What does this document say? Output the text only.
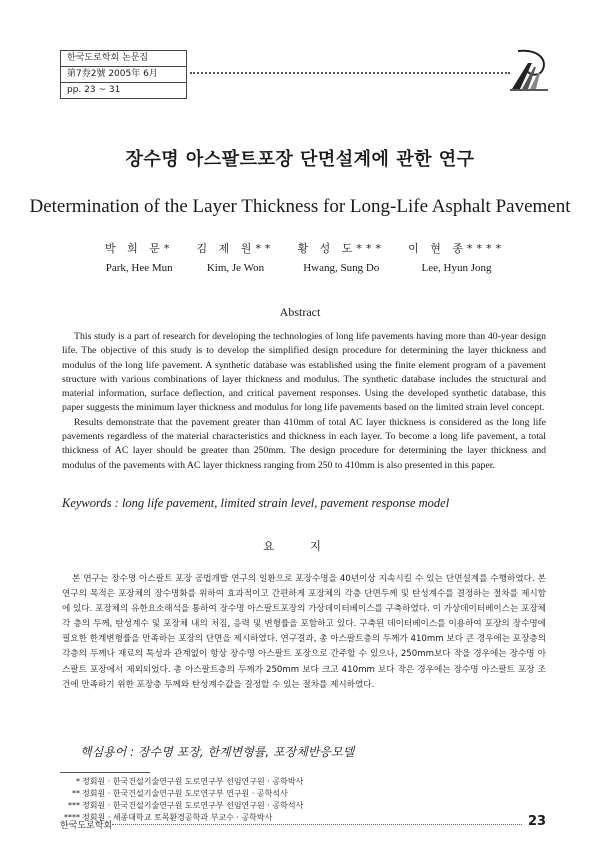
한국도로학회 논문집
第7券2號 2005年 6月
pp. 23 ~ 31
장수명 아스팔트포장 단면설계에 관한 연구
Determination of the Layer Thickness for Long-Life Asphalt Pavement
박 희 문*
Park, Hee Mun
김 제 원**
Kim, Je Won
황 성 도***
Hwang, Sung Do
이 현 종****
Lee, Hyun Jong
Abstract

This study is a part of research for developing the technologies of long life pavements having more than 40-year design life. The objective of this study is to develop the simplified design procedure for determining the layer thickness and modulus of the long life pavement. A synthetic database was established using the finite element program of a pavement structure with various combinations of layer thickness and modulus. The synthetic database includes the structural and material information, surface deflection, and critical pavement responses. Using the developed synthetic database, this paper suggests the minimum layer thickness and modulus for long life pavements based on the limited strain level concept.

Results demonstrate that the pavement greater than 410mm of total AC layer thickness is considered as the long life pavements regardless of the material characteristics and thickness in each layer. To become a long life pavement, a total thickness of AC layer should be greater than 250mm. The design procedure for determining the layer thickness and modulus of the pavements with AC layer thickness ranging from 250 to 410mm is also presented in this paper.

Keywords : long life pavement, limited strain level, pavement response model
요 지

본 연구는 장수명 아스팔트 포장 공법개발 연구의 일환으로 포장수명을 40년이상 지속시킬 수 있는 단면설계를 수행하였다. 본 연구의 목적은 포장체의 장수명화를 위하여 효과적이고 간편하게 포장체의 각층 단면두께 및 탄성계수를 결정하는 절차를 제시함에 있다. 포장체의 유한요소해석을 통하여 장수명 아스팔트포장의 가상데이터베이스를 구축하였다. 이 가상데이터베이스는 포장체 각 층의 두께, 탄성계수 및 포장체 내의 처짐, 응력 및 변형률을 포함하고 있다. 구축된 데이터베이스를 이용하여 포장의 장수명에 필요한 한계변형률을 만족하는 포장의 단면을 제시하였다. 연구결과, 총 아스팔트층의 두께가 410mm 보다 큰 경우에는 포장층의 각층의 두께나 재료의 특성과 관계없이 항상 장수명 아스팔트 포장으로 간주할 수 있으나, 250mm보다 작을 경우에는 장수명 아스팔트 포장에서 제외되었다. 총 아스팔트층의 두께가 250mm 보다 크고 410mm 보다 작은 경우에는 장수명 아스팔트 포장 조건에 만족하기 위한 포장층 두께와 탄성계수값을 결정할 수 있는 절차를 제시하였다.

핵심용어 : 장수명 포장, 한계변형률, 포장체반응모델
* 정회원 · 한국건설기술연구원 도로연구부 선임연구원 · 공학박사
** 정회원 · 한국건설기술연구원 도로연구부 연구원 · 공학석사
*** 정회원 · 한국건설기술연구원 도로연구부 선임연구원 · 공학석사
**** 정회원 · 세종대학교 토목환경공학과 부교수 · 공학박사
한국도로학회	23
